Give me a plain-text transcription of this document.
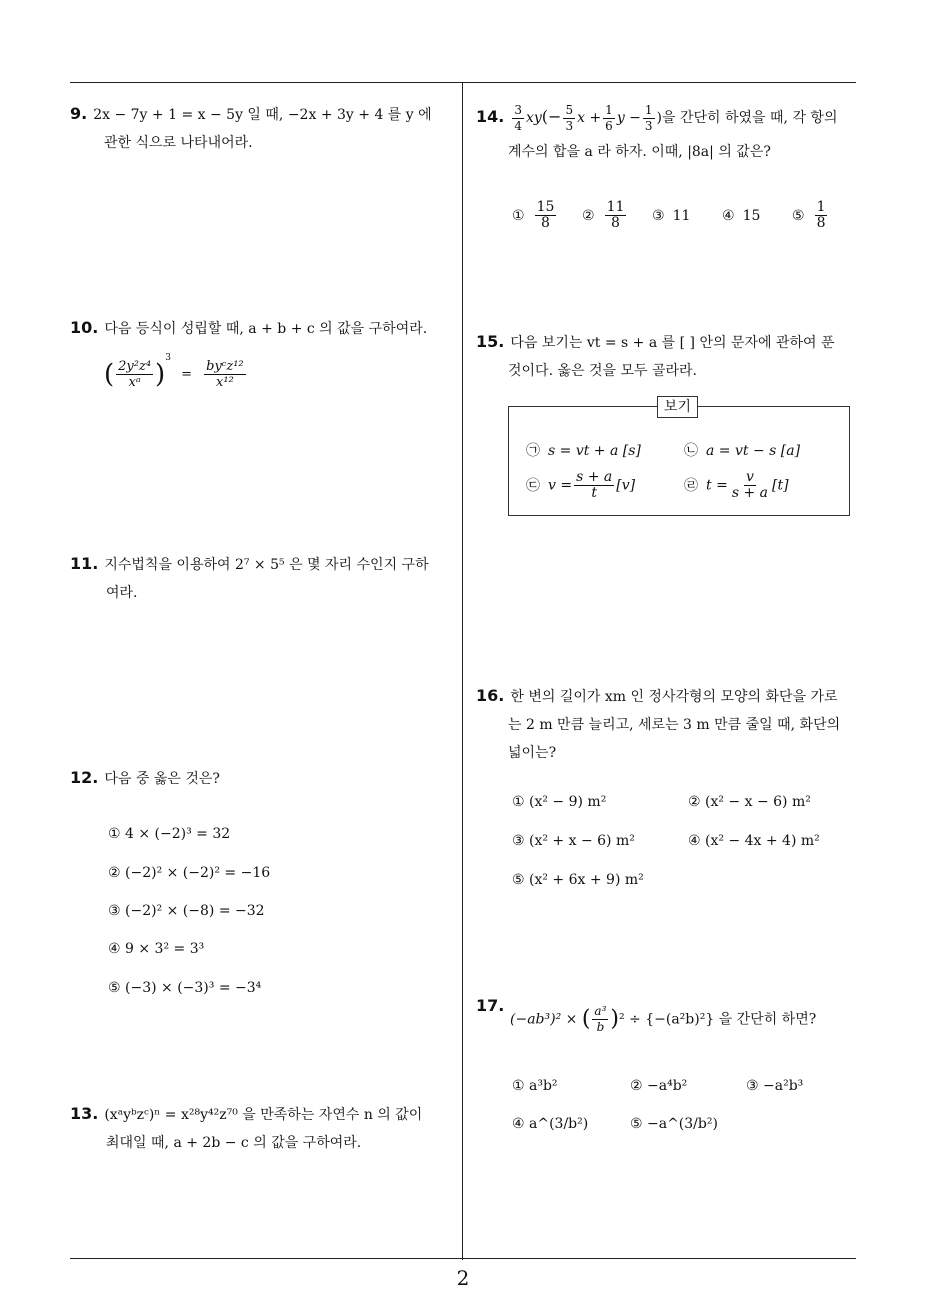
9. 2x − 7y + 1 = x − 5y 일 때, −2x + 3y + 4 를 y 에
관한 식으로 나타내어라.
10. 다음 등식이 성립할 때, a + b + c 의 값을 구하여라.
( $\frac{\text{2y²z⁴}}{\text{xᵃ}} )^3 = \frac{\text{byᶜz¹²}}{\text{x¹²}}$
11. 지수법칙을 이용하여 2⁷ × 5⁵ 은 몇 자리 수인지 구하
여라.
12. 다음 중 옳은 것은?
① 4 × (−2)³ = 32
② (−2)² × (−2)² = −16
③ (−2)² × (−8) = −32
④ 9 × 3² = 3³
⑤ (−3) × (−3)³ = −3⁴
13. (xᵃyᵇzᶜ)ⁿ = x²⁸y⁴²z⁷⁰ 을 만족하는 자연수 n 의 값이
최대일 때, a + 2b − c 의 값을 구하여라.
14. $\frac{3}{4} xy(- \frac{5}{3}$ $x + \frac{1}{6}$ $y - \frac{1}{3}$ )을 간단히 하였을 때, 각 항의
계수의 합을 a 라 하자. 이때, |8a| 의 값은?
① $\frac{15}{8}$ ② $\frac{11}{8}$ ③ 11 ④ 15 ⑤ $\frac{1}{8}$
15. 다음 보기는 vt = s + a 를 [ ] 안의 문자에 관하여 푼
것이다. 옳은 것을 모두 골라라.
보기
㉠ s = vt + a [s]	㉡ a = vt − s [a]
㉢ $v = \frac{s + a}{t} [v]$	㉣ $t = \frac{v}{s + a} [t]$
16. 한 변의 길이가 xm 인 정사각형의 모양의 화단을 가로
는 2 m 만큼 늘리고, 세로는 3 m 만큼 줄일 때, 화단의
넓이는?
① (x² − 9) m²	② (x² − x − 6) m²
③ (x² + x − 6) m²	④ (x² − 4x + 4) m²
⑤ (x² + 6x + 9) m²
17.
(−ab³)² × ( $\frac{\text{a³}}{b} )^2 \div \{-(a^2b)^2\}$ 을 간단히 하면?
① a³b²	② −a⁴b²	③ −a²b³
④ a^(3/b²)	⑤ −a^(3/b²)
2
